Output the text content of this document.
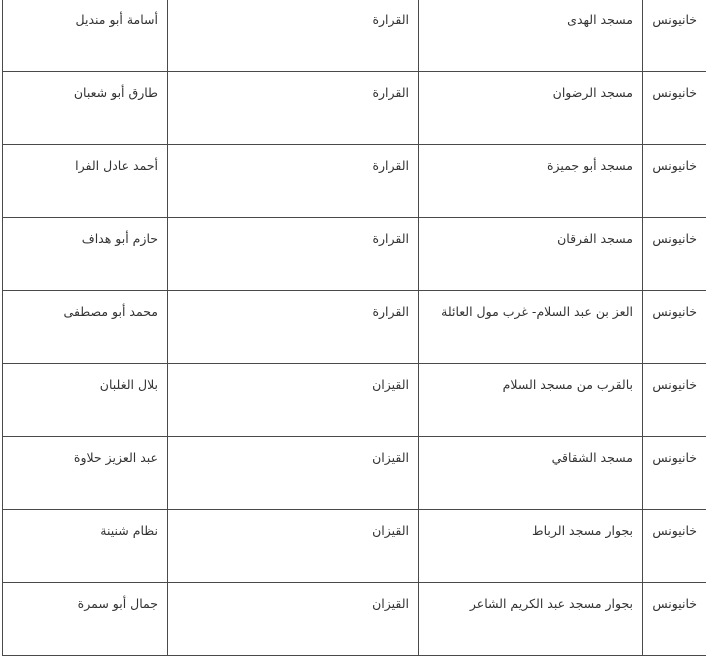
خانيونس	مسجد الهدى	القرارة	أسامة أبو منديل
خانيونس	مسجد الرضوان	القرارة	طارق أبو شعبان
خانيونس	مسجد أبو جميزة	القرارة	أحمد عادل الفرا
خانيونس	مسجد الفرقان	القرارة	حازم أبو هداف
خانيونس	العز بن عبد السلام- غرب مول العائلة	القرارة	محمد أبو مصطفى
خانيونس	بالقرب من مسجد السلام	القيزان	بلال الغلبان
خانيونس	مسجد الشقاقي	القيزان	عبد العزيز حلاوة
خانيونس	بجوار مسجد الرباط	القيزان	نظام شنينة
خانيونس	بجوار مسجد عبد الكريم الشاعر	القيزان	جمال أبو سمرة
